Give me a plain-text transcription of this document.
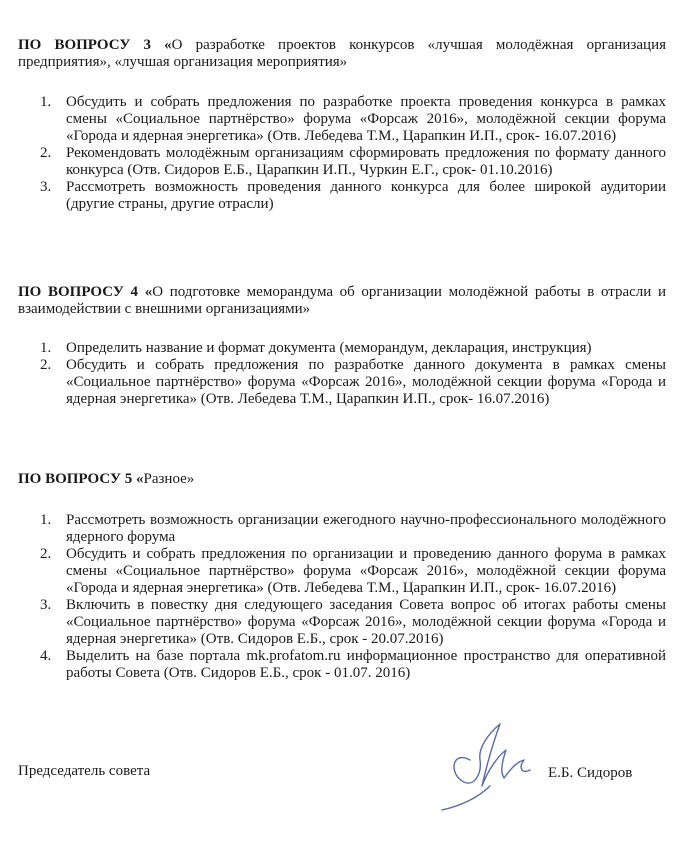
ПО ВОПРОСУ 3 «О разработке проектов конкурсов «лучшая молодёжная организация предприятия», «лучшая организация мероприятия»
1. Обсудить и собрать предложения по разработке проекта проведения конкурса в рамках смены «Социальное партнёрство» форума «Форсаж 2016», молодёжной секции форума «Города и ядерная энергетика» (Отв. Лебедева Т.М., Царапкин И.П., срок- 16.07.2016)
2. Рекомендовать молодёжным организациям сформировать предложения по формату данного конкурса (Отв. Сидоров Е.Б., Царапкин И.П., Чуркин Е.Г., срок- 01.10.2016)
3. Рассмотреть возможность проведения данного конкурса для более широкой аудитории (другие страны, другие отрасли)
ПО ВОПРОСУ 4 «О подготовке меморандума об организации молодёжной работы в отрасли и взаимодействии с внешними организациями»
1. Определить название и формат документа (меморандум, декларация, инструкция)
2. Обсудить и собрать предложения по разработке данного документа в рамках смены «Социальное партнёрство» форума «Форсаж 2016», молодёжной секции форума «Города и ядерная энергетика» (Отв. Лебедева Т.М., Царапкин И.П., срок- 16.07.2016)
ПО ВОПРОСУ 5 «Разное»
1. Рассмотреть возможность организации ежегодного научно-профессионального молодёжного ядерного форума
2. Обсудить и собрать предложения по организации и проведению данного форума в рамках смены «Социальное партнёрство» форума «Форсаж 2016», молодёжной секции форума «Города и ядерная энергетика» (Отв. Лебедева Т.М., Царапкин И.П., срок- 16.07.2016)
3. Включить в повестку дня следующего заседания Совета вопрос об итогах работы смены «Социальное партнёрство» форума «Форсаж 2016», молодёжной секции форума «Города и ядерная энергетика» (Отв. Сидоров Е.Б., срок - 20.07.2016)
4. Выделить на базе портала mk.profatom.ru информационное пространство для оперативной работы Совета (Отв. Сидоров Е.Б., срок - 01.07. 2016)
Председатель совета	Е.Б. Сидоров
